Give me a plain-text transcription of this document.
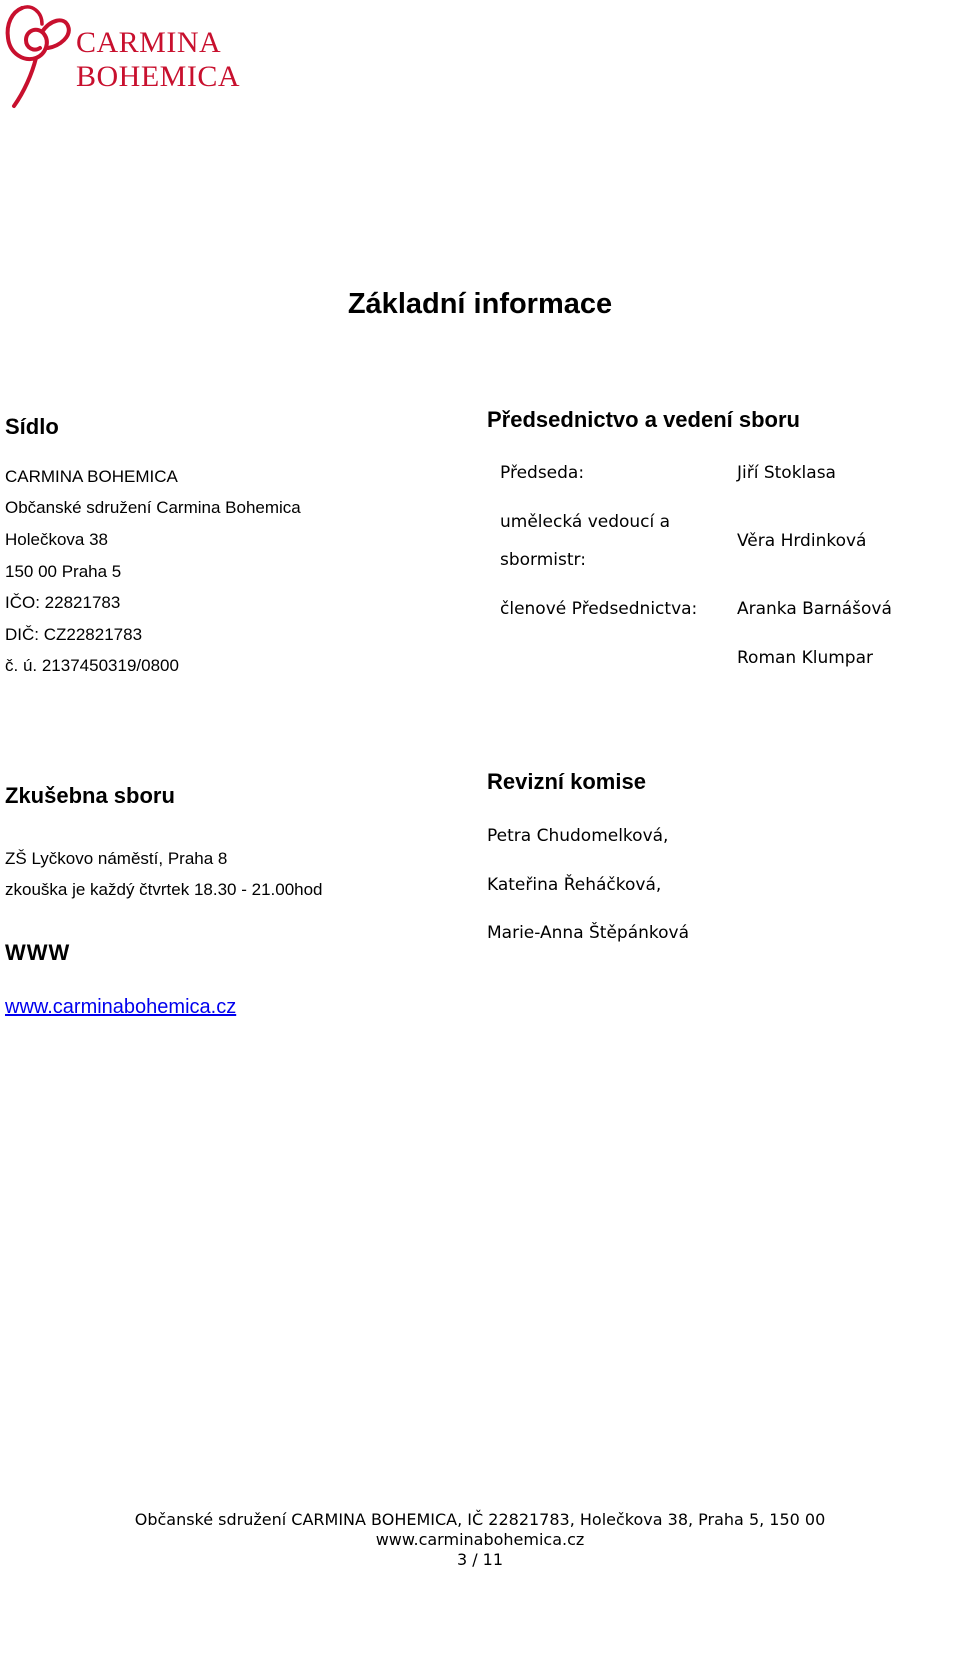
CARMINA
BOHEMICA
Základní informace
Sídlo
CARMINA BOHEMICA
Občanské sdružení Carmina Bohemica
Holečkova 38
150 00 Praha 5
IČO: 22821783
DIČ: CZ22821783
č. ú. 2137450319/0800
Předsednictvo a vedení sboru
Předseda:	Jiří Stoklasa
umělecká vedoucí a
sbormistr:
Věra Hrdinková
členové Předsednictva: Aranka Barnášová
Roman Klumpar
Zkušebna sboru
ZŠ Lyčkovo náměstí, Praha 8
zkouška je každý čtvrtek 18.30 - 21.00hod
Revizní komise
Petra Chudomelková,
Kateřina Řeháčková,
Marie-Anna Štěpánková
WWW
www.carminabohemica.cz
Občanské sdružení CARMINA BOHEMICA, IČ 22821783, Holečkova 38, Praha 5, 150 00
www.carminabohemica.cz
3 / 11
